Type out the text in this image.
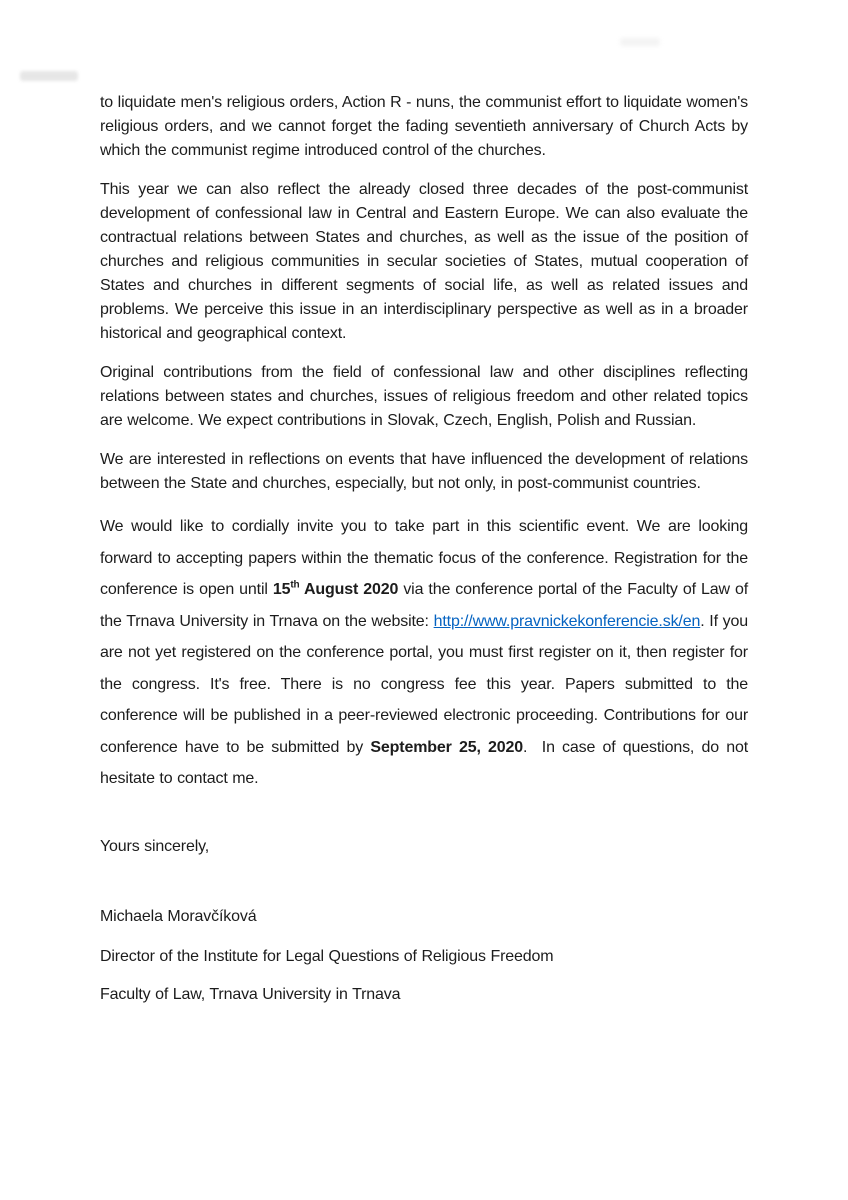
to liquidate men's religious orders, Action R - nuns, the communist effort to liquidate women's religious orders, and we cannot forget the fading seventieth anniversary of Church Acts by which the communist regime introduced control of the churches.

This year we can also reflect the already closed three decades of the post-communist development of confessional law in Central and Eastern Europe. We can also evaluate the contractual relations between States and churches, as well as the issue of the position of churches and religious communities in secular societies of States, mutual cooperation of States and churches in different segments of social life, as well as related issues and problems. We perceive this issue in an interdisciplinary perspective as well as in a broader historical and geographical context.

Original contributions from the field of confessional law and other disciplines reflecting relations between states and churches, issues of religious freedom and other related topics are welcome. We expect contributions in Slovak, Czech, English, Polish and Russian.

We are interested in reflections on events that have influenced the development of relations between the State and churches, especially, but not only, in post-communist countries.

We would like to cordially invite you to take part in this scientific event. We are looking forward to accepting papers within the thematic focus of the conference. Registration for the conference is open until 15th August 2020 via the conference portal of the Faculty of Law of the Trnava University in Trnava on the website: http://www.pravnickekonferencie.sk/en. If you are not yet registered on the conference portal, you must first register on it, then register for the congress. It's free. There is no congress fee this year. Papers submitted to the conference will be published in a peer-reviewed electronic proceeding. Contributions for our conference have to be submitted by September 25, 2020.  In case of questions, do not hesitate to contact me.

Yours sincerely,

Michaela Moravčíková

Director of the Institute for Legal Questions of Religious Freedom

Faculty of Law, Trnava University in Trnava
